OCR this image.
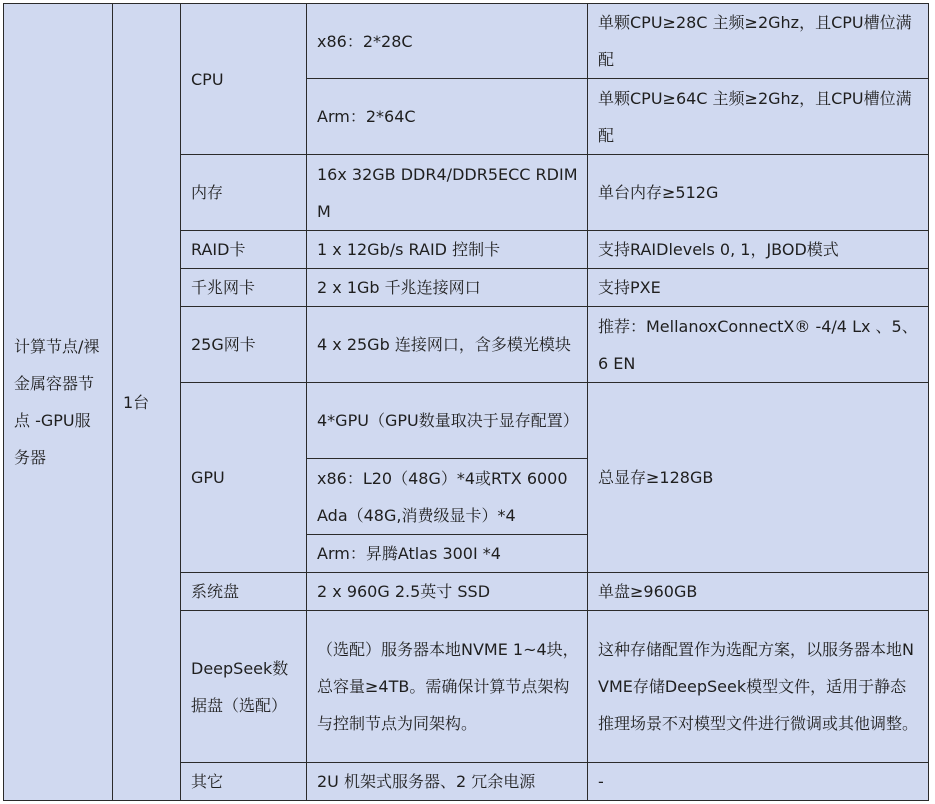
计算节点/裸金属容器节点 -GPU服务器	1台	CPU	x86：2*28C	单颗CPU≥28C 主频≥2Ghz，且CPU槽位满配
			Arm：2*64C	单颗CPU≥64C 主频≥2Ghz，且CPU槽位满配
		内存	16x 32GB DDR4/DDR5ECC RDIMM	单台内存≥512G
		RAID卡	1 x 12Gb/s RAID 控制卡	支持RAIDlevels 0, 1，JBOD模式
		千兆网卡	2 x 1Gb 千兆连接网口	支持PXE
		25G网卡	4 x 25Gb 连接网口，含多模光模块	推荐：MellanoxConnectX® -4/4 Lx 、5、6 EN
		GPU	4*GPU（GPU数量取决于显存配置）	总显存≥128GB
			x86：L20（48G）*4或RTX 6000 Ada（48G,消费级显卡）*4	
			Arm：昇腾Atlas 300I *4	
		系统盘	2 x 960G 2.5英寸 SSD	单盘≥960GB
		DeepSeek数据盘（选配）	（选配）服务器本地NVME 1~4块，总容量≥4TB。需确保计算节点架构与控制节点为同架构。	这种存储配置作为选配方案，以服务器本地NVME存储DeepSeek模型文件，适用于静态推理场景不对模型文件进行微调或其他调整。
		其它	2U 机架式服务器、2 冗余电源	-
